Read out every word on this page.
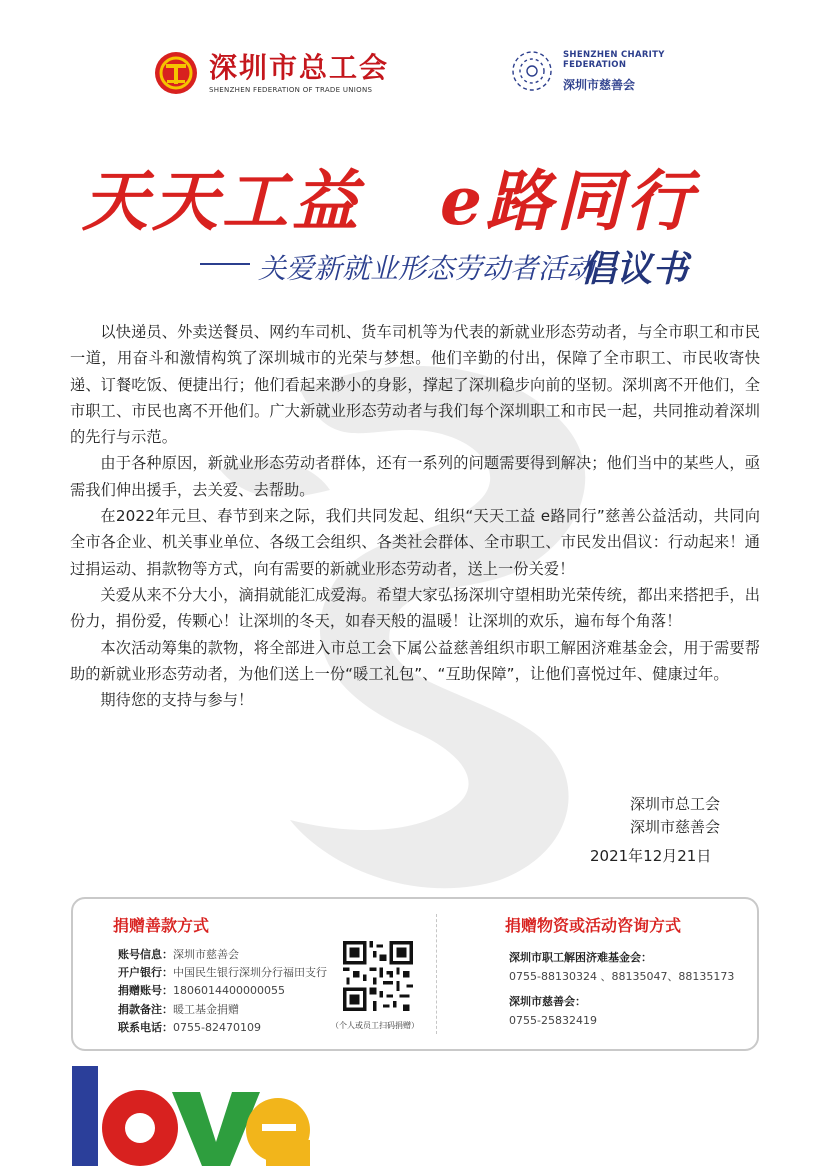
深圳市总工会
SHENZHEN FEDERATION OF TRADE UNIONS
SHENZHEN CHARITY
FEDERATION
深圳市慈善会
天天工益 e路同行
关爱新就业形态劳动者活动
倡议书

以快递员、外卖送餐员、网约车司机、货车司机等为代表的新就业形态劳动者，与全市职工和市民一道，用奋斗和激情构筑了深圳城市的光荣与梦想。他们辛勤的付出，保障了全市职工、市民收寄快递、订餐吃饭、便捷出行；他们看起来渺小的身影，撑起了深圳稳步向前的坚韧。深圳离不开他们，全市职工、市民也离不开他们。广大新就业形态劳动者与我们每个深圳职工和市民一起，共同推动着深圳的先行与示范。

由于各种原因，新就业形态劳动者群体，还有一系列的问题需要得到解决；他们当中的某些人，亟需我们伸出援手，去关爱、去帮助。

在2022年元旦、春节到来之际，我们共同发起、组织“天天工益 e路同行”慈善公益活动，共同向全市各企业、机关事业单位、各级工会组织、各类社会群体、全市职工、市民发出倡议：行动起来！通过捐运动、捐款物等方式，向有需要的新就业形态劳动者，送上一份关爱！

关爱从来不分大小，滴捐就能汇成爱海。希望大家弘扬深圳守望相助光荣传统，都出来搭把手，出份力，捐份爱，传颗心！让深圳的冬天，如春天般的温暖！让深圳的欢乐，遍布每个角落！

本次活动筹集的款物，将全部进入市总工会下属公益慈善组织市职工解困济难基金会，用于需要帮助的新就业形态劳动者，为他们送上一份“暖工礼包”、“互助保障”，让他们喜悦过年、健康过年。

期待您的支持与参与！

深圳市总工会
深圳市慈善会
2021年12月21日
捐赠善款方式
账号信息：深圳市慈善会
开户银行：中国民生银行深圳分行福田支行
捐赠账号：1806014400000055
捐款备注：暖工基金捐赠
联系电话：0755-82470109	（个人或员工扫码捐赠）
捐赠物资或活动咨询方式
深圳市职工解困济难基金会：
0755-88130324 、88135047、88135173
深圳市慈善会：
0755-25832419
